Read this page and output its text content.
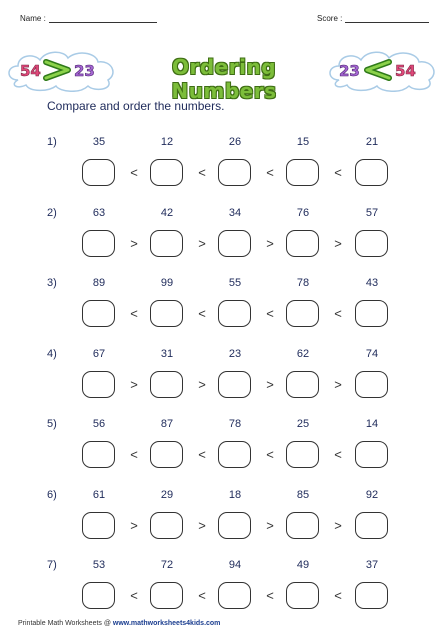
Name :	Score :
54 23	Ordering Numbers
23 54
Compare and order the numbers.
1)	35
<
12
<
26
<
15
<
21
2)	63
>
42
>
34
>
76
>
57
3)	89
<
99
<
55
<
78
<
43
4)	67
>
31
>
23
>
62
>
74
5)	56
<
87
<
78
<
25
<
14
6)	61
>
29
>
18
>
85
>
92
7)	53
<
72
<
94
<
49
<
37
Printable Math Worksheets @ www.mathworksheets4kids.com
